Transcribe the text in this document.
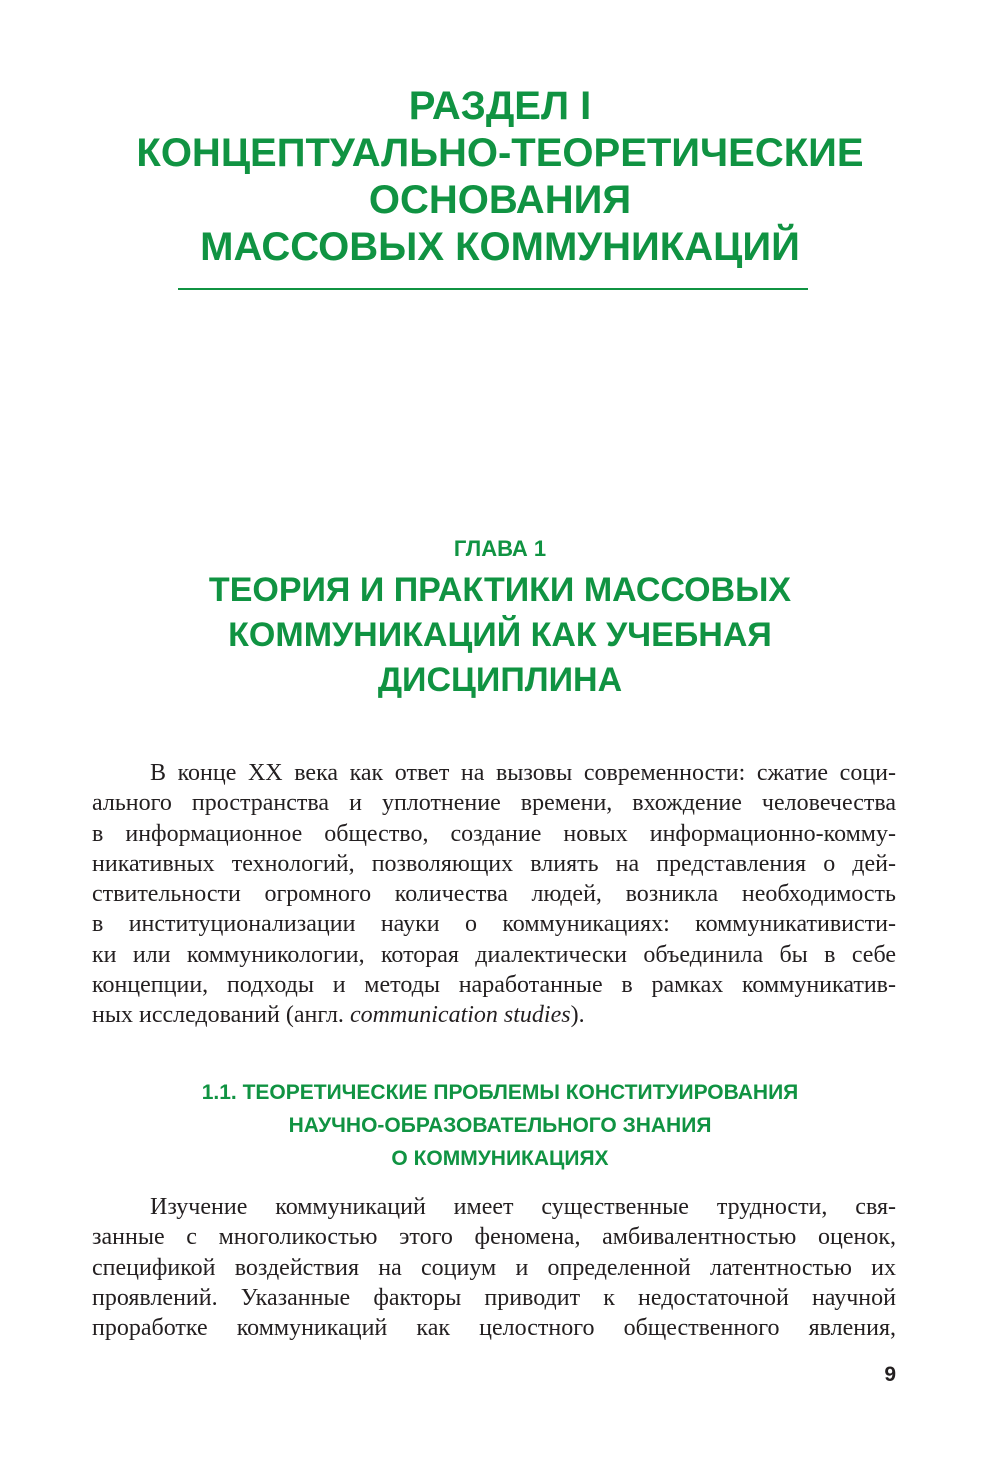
РАЗДЕЛ I
КОНЦЕПТУАЛЬНО-ТЕОРЕТИЧЕСКИЕ
ОСНОВАНИЯ
МАССОВЫХ КОММУНИКАЦИЙ
ГЛАВА 1
ТЕОРИЯ И ПРАКТИКИ МАССОВЫХ
КОММУНИКАЦИЙ КАК УЧЕБНАЯ
ДИСЦИПЛИНА
В конце XX века как ответ на вызовы современности: сжатие соци-
ального пространства и уплотнение времени, вхождение человечества
в информационное общество, создание новых информационно-комму-
никативных технологий, позволяющих влиять на представления о дей-
ствительности огромного количества людей, возникла необходимость
в институционализации науки о коммуникациях: коммуникативисти-
ки или коммуникологии, которая диалектически объединила бы в себе
концепции, подходы и методы наработанные в рамках коммуникатив-
ных исследований (англ. communication studies).
1.1. ТЕОРЕТИЧЕСКИЕ ПРОБЛЕМЫ КОНСТИТУИРОВАНИЯ
НАУЧНО-ОБРАЗОВАТЕЛЬНОГО ЗНАНИЯ
О КОММУНИКАЦИЯХ
Изучение коммуникаций имеет существенные трудности, свя-
занные с многоликостью этого феномена, амбивалентностью оценок,
спецификой воздействия на социум и определенной латентностью их
проявлений. Указанные факторы приводит к недостаточной научной
проработке коммуникаций как целостного общественного явления,
9
